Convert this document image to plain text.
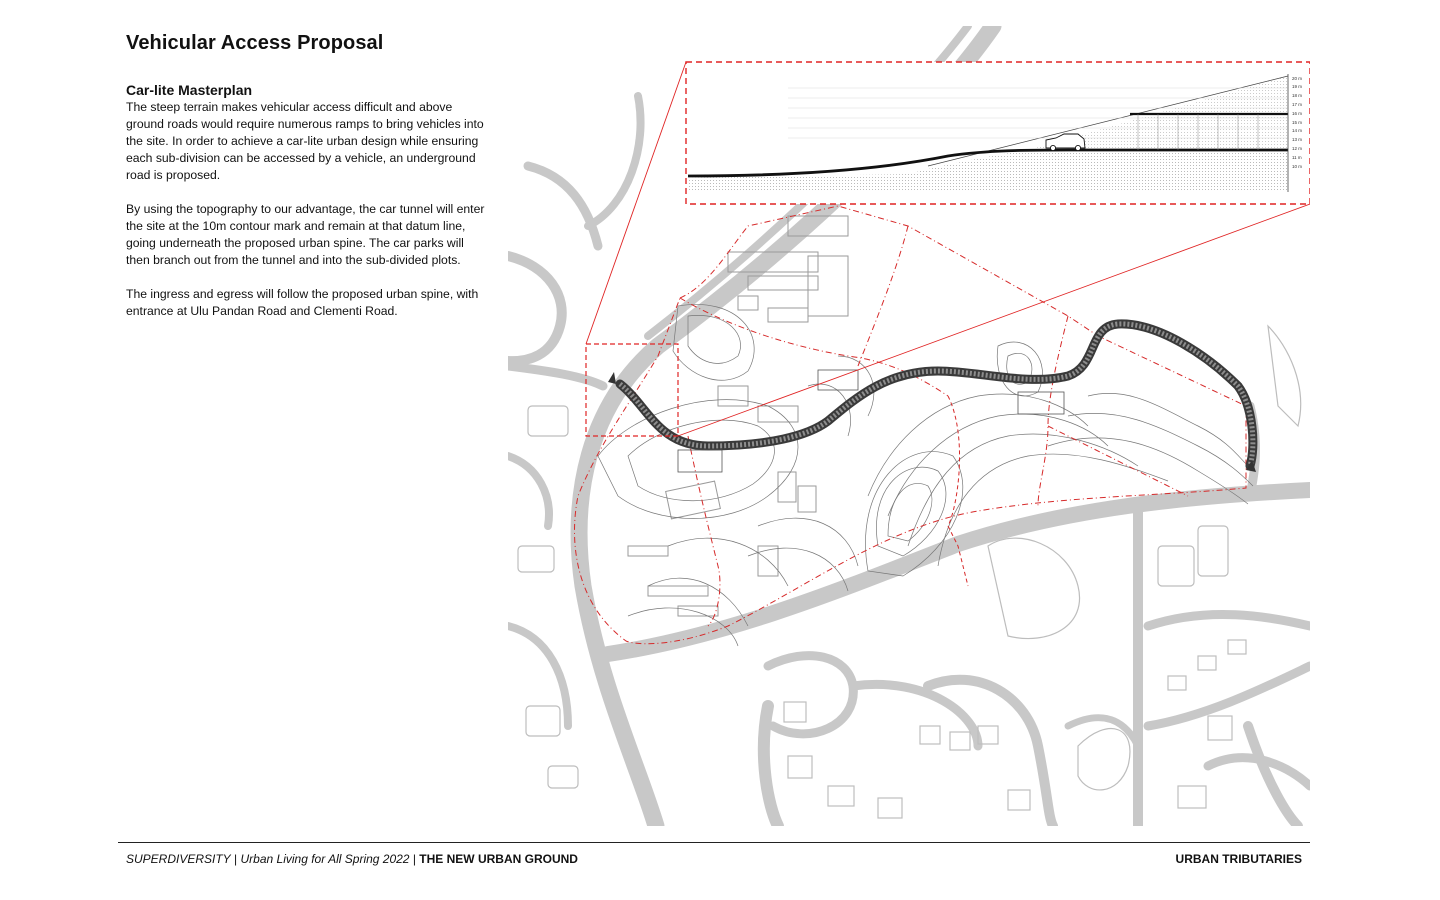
Vehicular Access Proposal
Car-lite Masterplan

The steep terrain makes vehicular access difficult and above ground roads would require numerous ramps to bring vehicles into the site. In order to achieve a car-lite urban design while ensuring each sub-division can be accessed by a vehicle, an underground road is proposed.

By using the topography to our advantage, the car tunnel will enter the site at the 10m contour mark and remain at that datum line, going underneath the proposed urban spine. The car parks will then branch out from the tunnel and into the sub-divided plots.

The ingress and egress will follow the proposed urban spine, with entrance at Ulu Pandan Road and Clementi Road.

20 m
19 m
18 m
17 m
16 m
15 m
14 m
13 m
12 m
11 m
10 m
SUPERDIVERSITY | Urban Living for All Spring 2022 | THE NEW URBAN GROUND	URBAN TRIBUTARIES
